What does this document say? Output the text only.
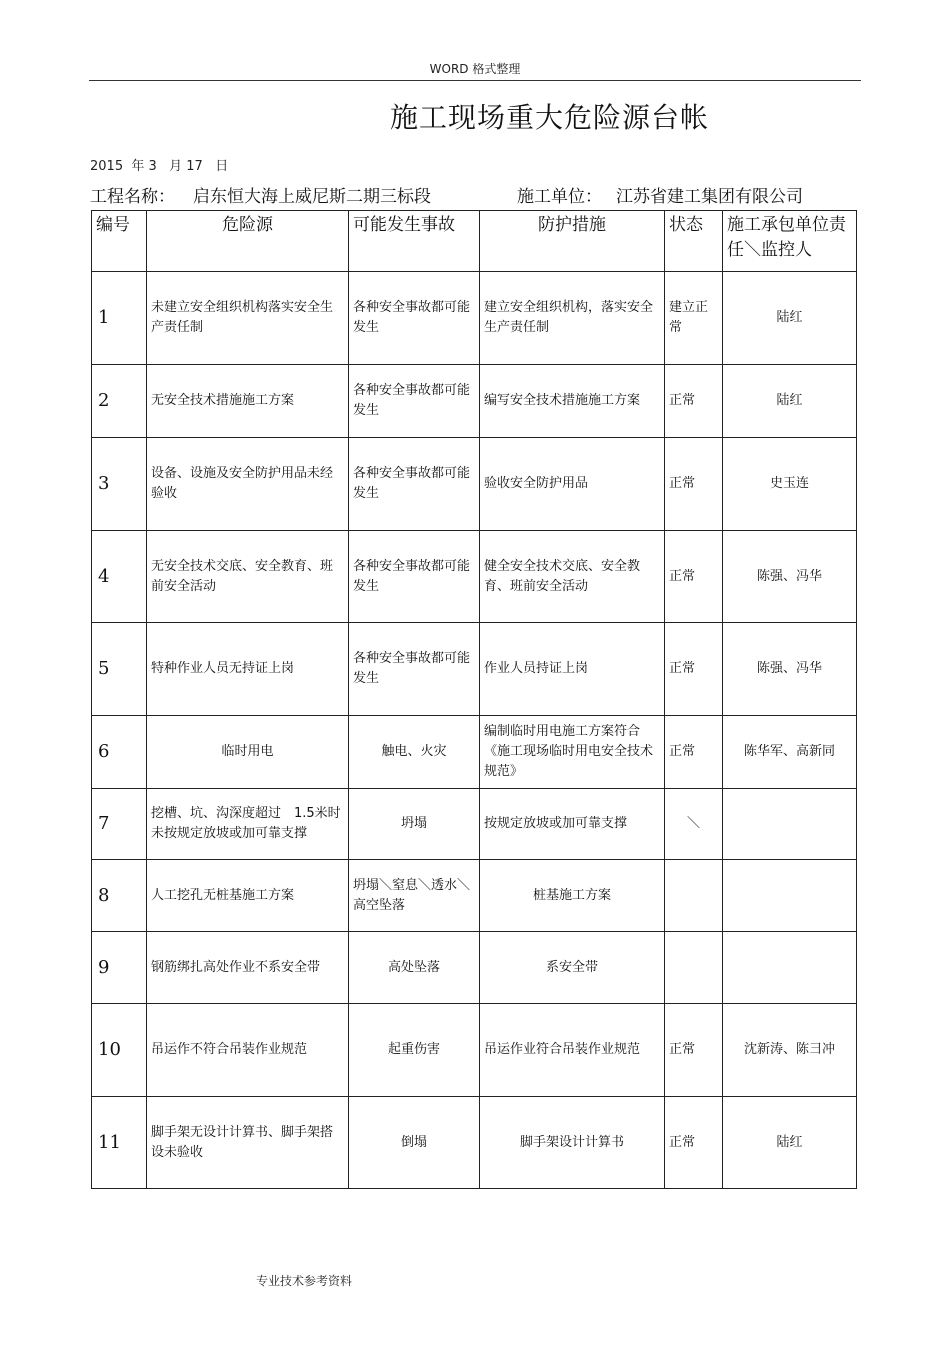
WORD 格式整理
施工现场重大危险源台帐
2015  年 3   月 17   日
工程名称： 启东恒大海上威尼斯二期三标段	施工单位： 江苏省建工集团有限公司
编号	危险源	可能发生事故	防护措施	状态	施工承包单位责任＼监控人
1	未建立安全组织机构落实安全生产责任制	各种安全事故都可能发生	建立安全组织机构，落实安全生产责任制	建立正常	陆红
2	无安全技术措施施工方案	各种安全事故都可能发生	编写安全技术措施施工方案	正常	陆红
3	设备、设施及安全防护用品未经验收	各种安全事故都可能发生	验收安全防护用品	正常	史玉连
4	无安全技术交底、安全教育、班前安全活动	各种安全事故都可能发生	健全安全技术交底、安全教育、班前安全活动	正常	陈强、冯华
5	特种作业人员无持证上岗	各种安全事故都可能发生	作业人员持证上岗	正常	陈强、冯华
6	临时用电	触电、火灾	编制临时用电施工方案符合《施工现场临时用电安全技术规范》	正常	陈华军、高新同
7	挖槽、坑、沟深度超过　1.5米时未按规定放坡或加可靠支撑	坍塌	按规定放坡或加可靠支撑	＼	
8	人工挖孔无桩基施工方案	坍塌＼窒息＼透水＼高空坠落	桩基施工方案		
9	钢筋绑扎高处作业不系安全带	高处坠落	系安全带		
10	吊运作不符合吊装作业规范	起重伤害	吊运作业符合吊装作业规范	正常	沈新涛、陈彐冲
11	脚手架无设计计算书、脚手架搭设未验收	倒塌	脚手架设计计算书	正常	陆红
专业技术参考资料
